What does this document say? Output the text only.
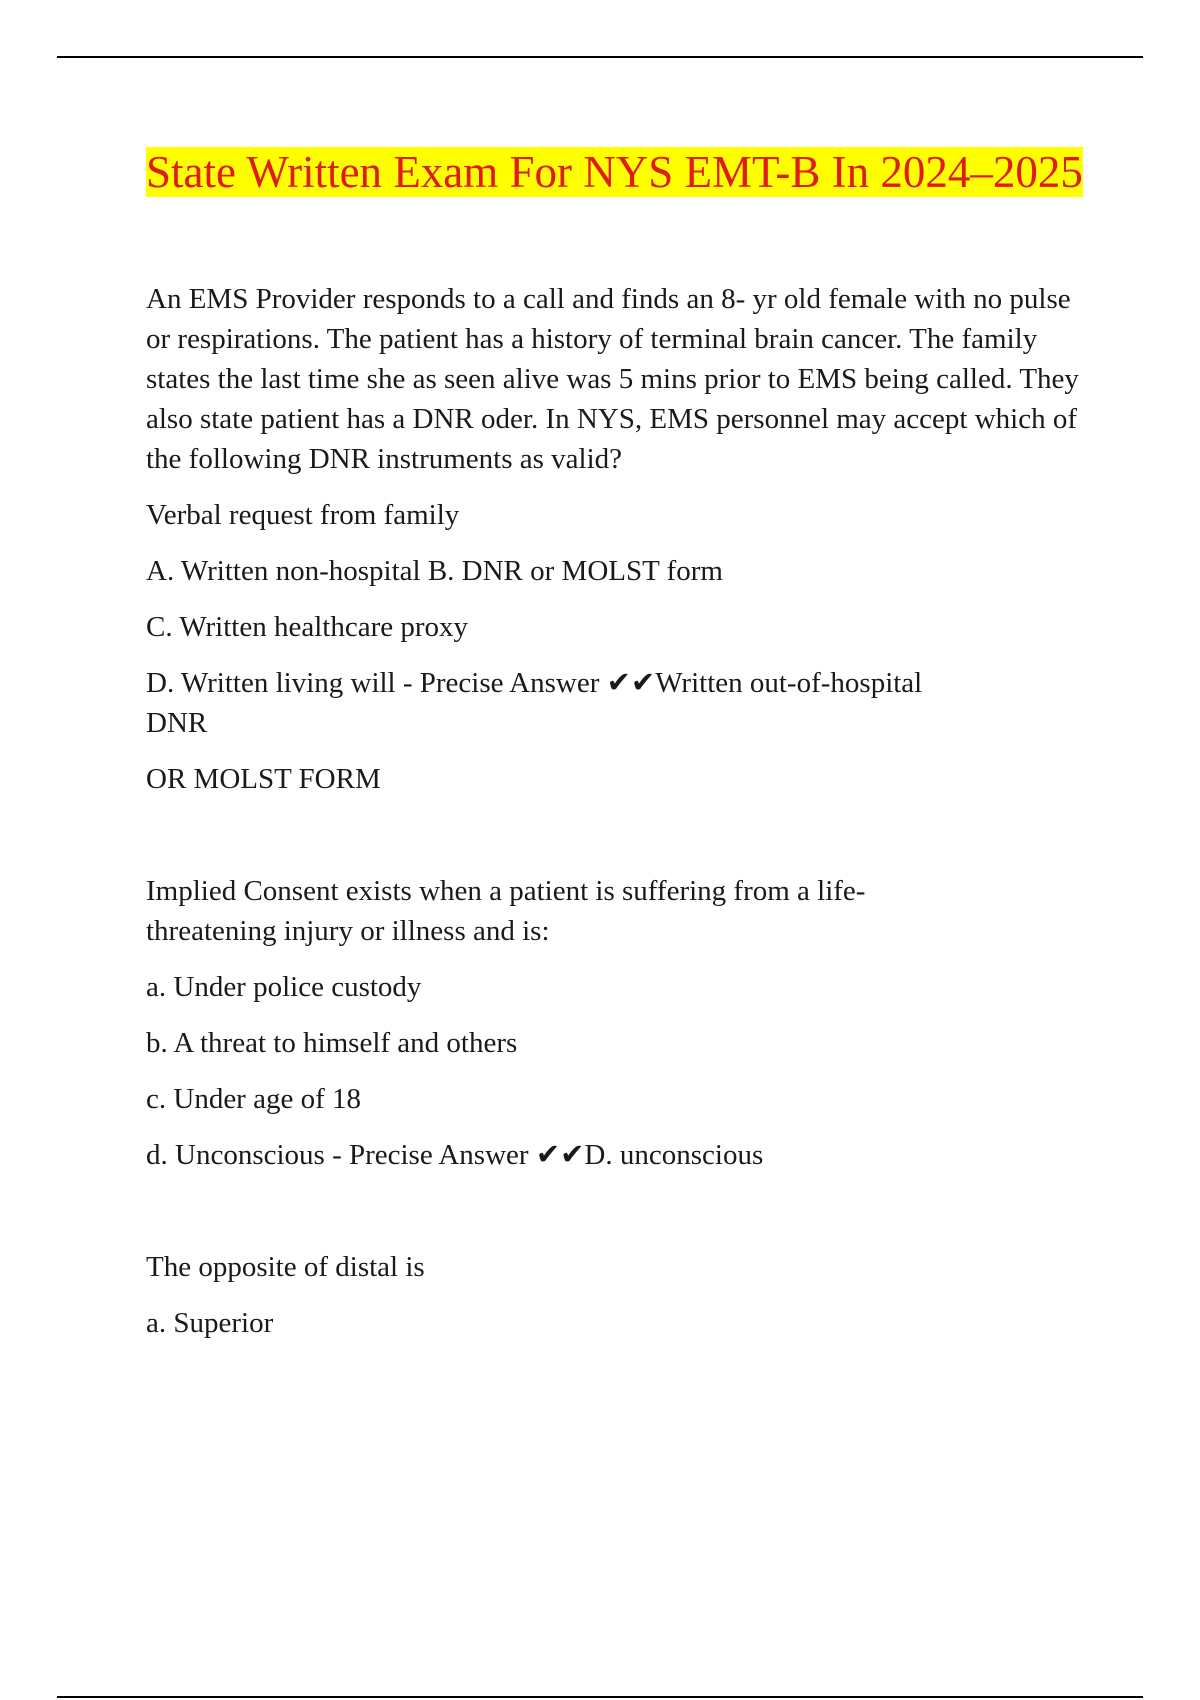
State Written Exam For NYS EMT-B In 2024–2025

An EMS Provider responds to a call and finds an 8- yr old female with no pulse or respirations. The patient has a history of terminal brain cancer. The family states the last time she as seen alive was 5 mins prior to EMS being called. They also state patient has a DNR oder. In NYS, EMS personnel may accept which of the following DNR instruments as valid?

Verbal request from family

A. Written non-hospital B. DNR or MOLST form

C. Written healthcare proxy

D. Written living will - Precise Answer ✔✔Written out-of-hospital DNR

OR MOLST FORM

Implied Consent exists when a patient is suffering from a life-threatening injury or illness and is:

a. Under police custody

b. A threat to himself and others

c. Under age of 18

d. Unconscious - Precise Answer ✔✔D. unconscious

The opposite of distal is

a. Superior
